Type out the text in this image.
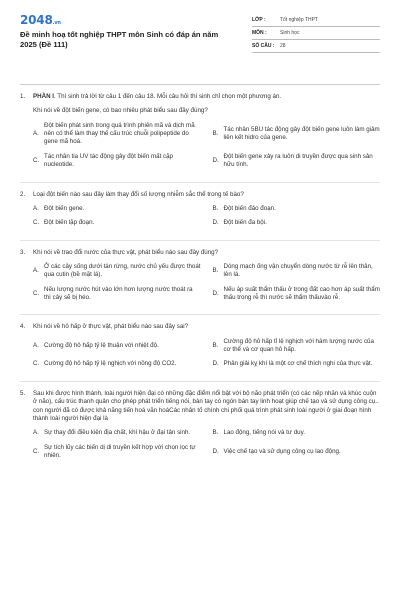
2048.vn
Đề minh hoạ tốt nghiệp THPT môn Sinh có đáp án năm 2025 (Đề 111)
LỚP :	Tốt nghiệp THPT
MÔN :	Sinh học
SỐ CÂU :	28
1.	PHẦN I. Thí sinh trả lời từ câu 1 đến câu 18. Mỗi câu hỏi thí sinh chỉ chọn một phương án.
Khi nói về đột biến gene, có bao nhiêu phát biểu sau đây đúng?
A.
Đột biến phát sinh trong quá trình phiên mã và dịch mã nên có thể làm thay thế cấu trúc chuỗi polipeptide do gene mã hoá.
B.
Tác nhân 5BU tác động gây đột biến gene luôn làm giảm liên kết hidro của gene.
C.
Tác nhân tia UV tác động gây đột biến mất cặp nucleotide.
D.
Đột biến gene xảy ra luôn di truyền được qua sinh sản hữu tính.
2.	Loại đột biến nào sau đây làm thay đổi số lượng nhiễm sắc thể trong tế bào?
A. Đột biến gene.	B. Đột biến đảo đoạn.
C. Đột biến lặp đoạn.	D. Đột biến đa bội.
3.	Khi nói về trao đổi nước của thực vật, phát biểu nào sau đây đúng?
A.
Ở các cây sống dưới tán rừng, nước chủ yếu được thoát qua cutin (bề mặt lá).
B.
Dòng mạch ống vận chuyển dòng nước từ rễ lên thân, lên lá.
C.
Nếu lượng nước hút vào lớn hơn lượng nước thoát ra thì cây sẽ bị héo.
D.
Nếu áp suất thẩm thấu ở trong đất cao hơn áp suất thẩm thấu trong rễ thì nước sẽ thẩm thấuvào rễ.
4.	Khi nói về hô hấp ở thực vật, phát biểu nào sau đây sai?
A. Cường độ hô hấp tỷ lệ thuận với nhiệt độ.	B.
Cường độ hô hấp tỉ lệ nghịch với hàm lượng nước của cơ thể và cơ quan hô hấp.
C. Cường độ hô hấp tỷ lệ nghịch với nồng độ CO2.	D. Phân giải kỵ khí là một cơ chế thích nghi của thực vật.
5.	Sau khi được hình thành, loài người hiện đại có những đặc điểm nổi bật với bộ não phát triển (có các nếp nhăn và khúc cuộn ở não), cấu trúc thanh quản cho phép phát triển tiếng nói, bàn tay có ngón bàn tay linh hoạt giúp chế tạo và sử dụng công cụ.. con người đã có được khả năng tiến hoá văn hoáCác nhân tố chính chi phối quá trình phát sinh loài người ở giai đoạn hình thành loài người hiện đại là
A. Sự thay đổi điều kiện địa chất, khí hậu ở đại tân sinh.	B. Lao động, tiếng nói và tư duy.
C.
Sự tích lũy các biến dị di truyền kết hợp với chọn lọc tự nhiên.
D. Việc chế tạo và sử dụng công cụ lao động.
